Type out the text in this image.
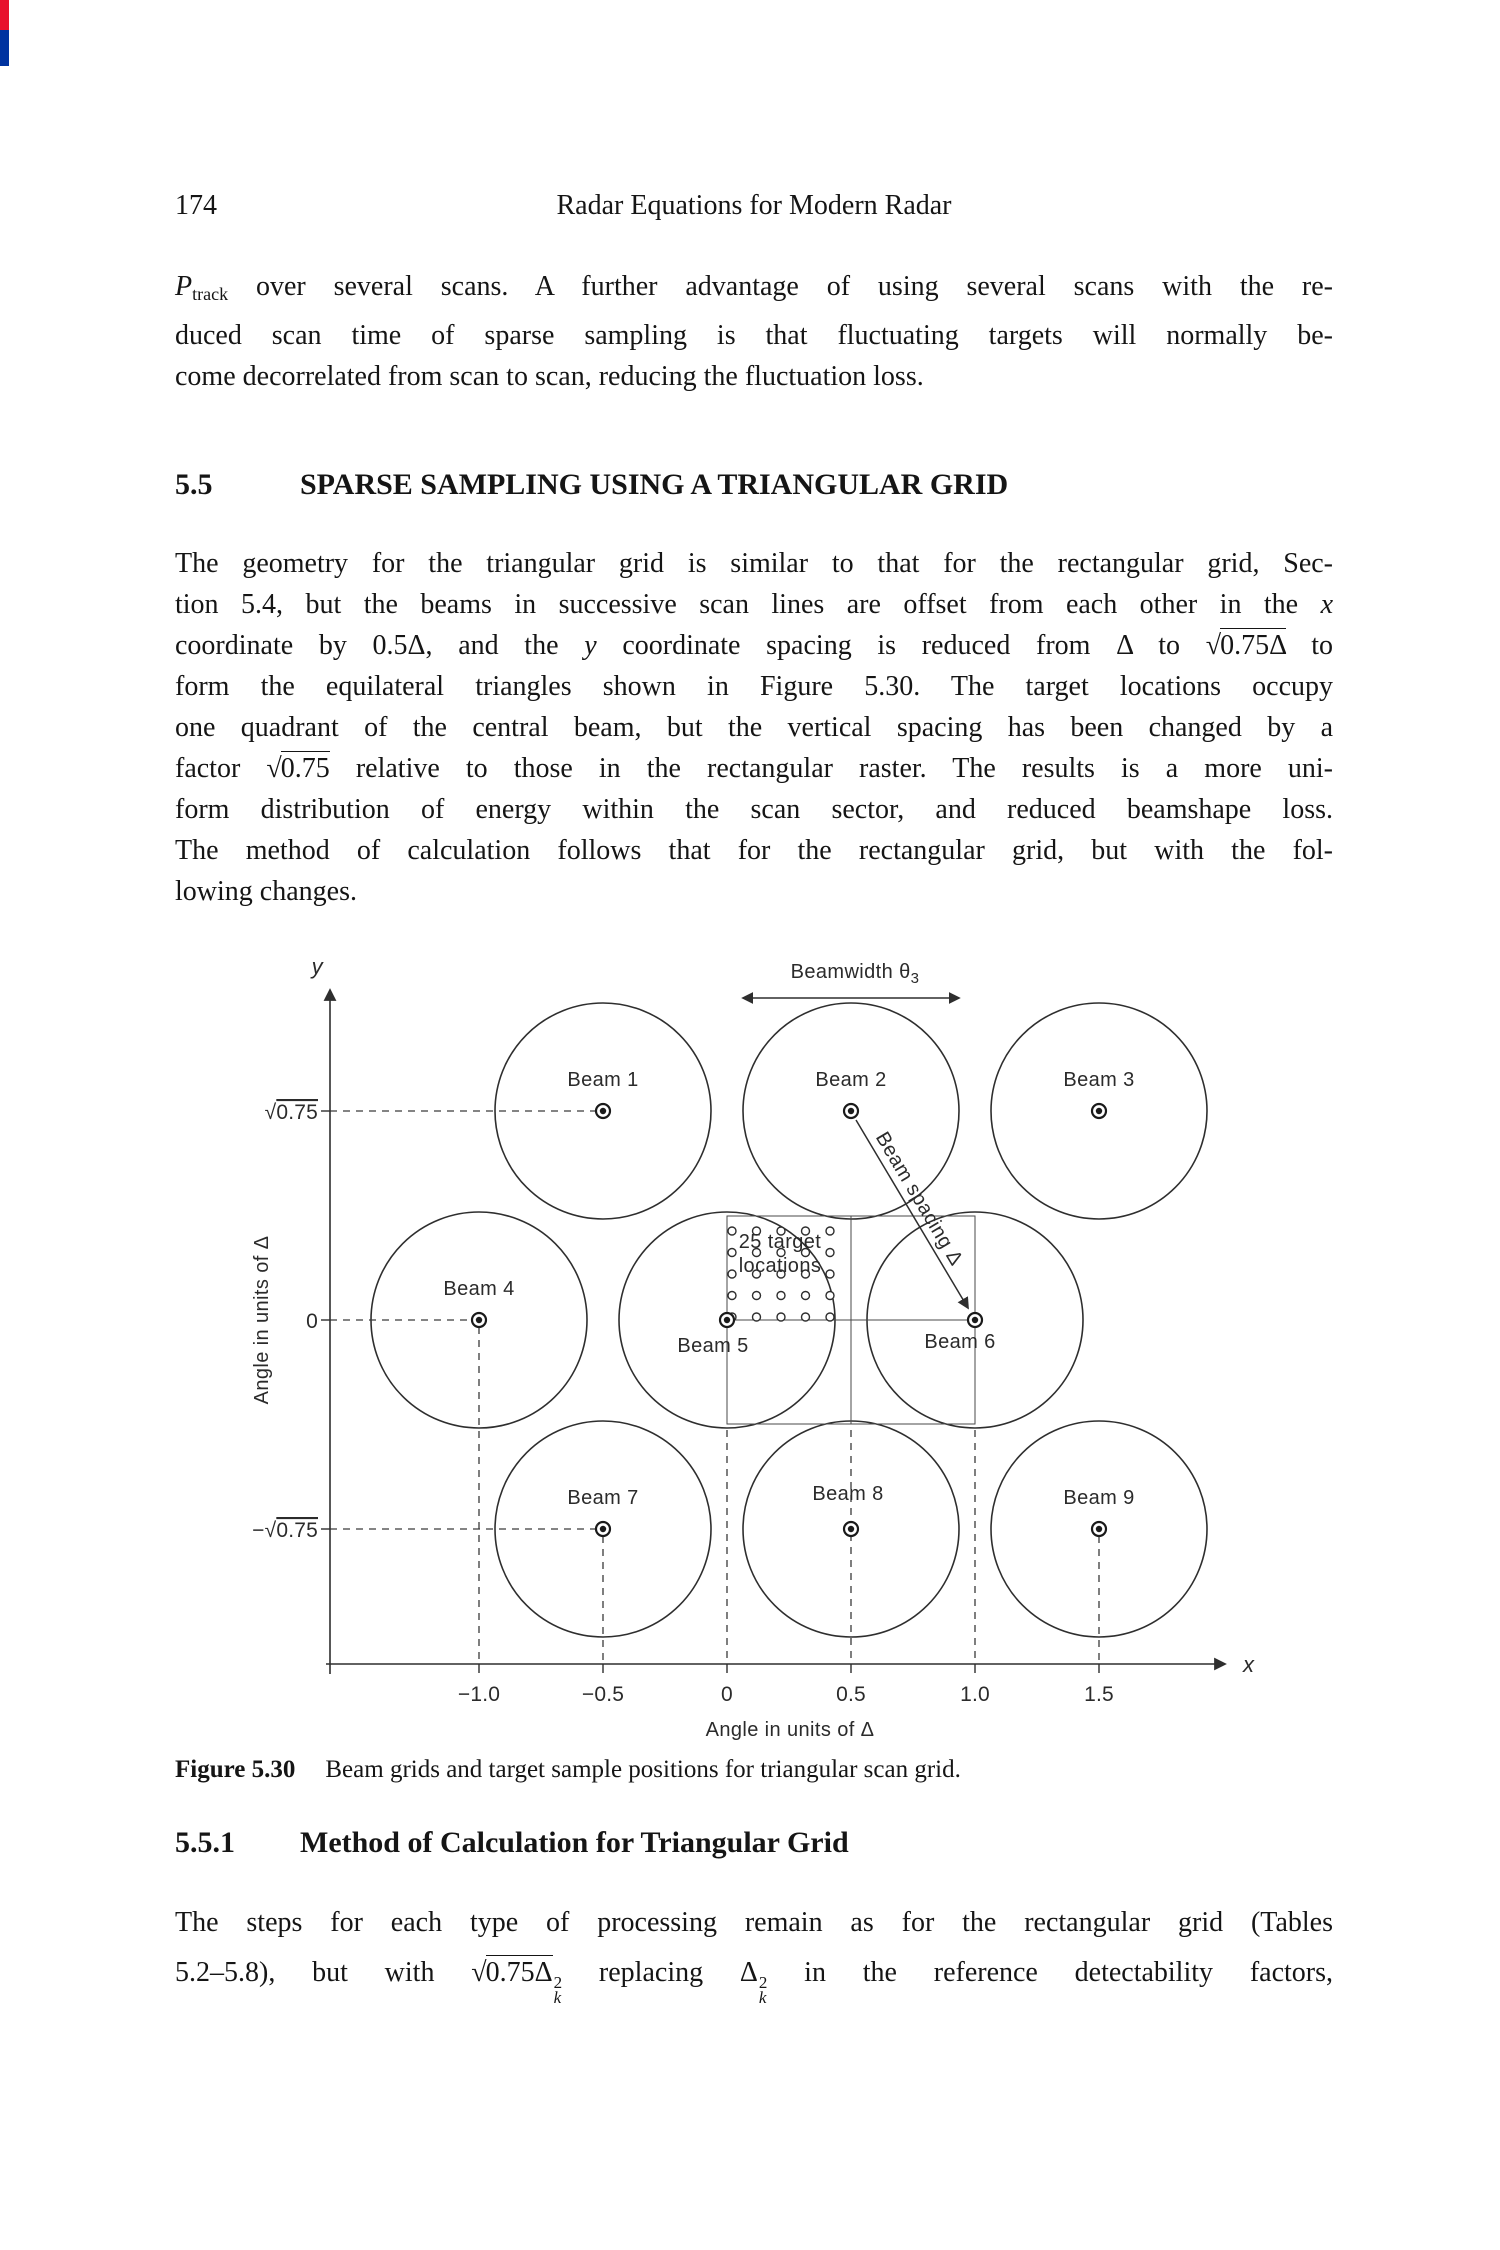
174	Radar Equations for Modern Radar
Ptrack over several scans. A further advantage of using several scans with the re-
duced scan time of sparse sampling is that fluctuating targets will normally be-
come decorrelated from scan to scan, reducing the fluctuation loss.
5.5	SPARSE SAMPLING USING A TRIANGULAR GRID
The geometry for the triangular grid is similar to that for the rectangular grid, Sec-
tion 5.4, but the beams in successive scan lines are offset from each other in the x
coordinate by 0.5Δ, and the y coordinate spacing is reduced from Δ to √0.75Δ to
form the equilateral triangles shown in Figure 5.30. The target locations occupy
one quadrant of the central beam, but the vertical spacing has been changed by a
factor √0.75 relative to those in the rectangular raster. The results is a more uni-
form distribution of energy within the scan sector, and reduced beamshape loss.
The method of calculation follows that for the rectangular grid, but with the fol-
lowing changes.
25 target
locations
y
x
√0.75
0
−√0.75
−1.0	−0.5	0	0.5	1.0	1.5
Angle in units of Δ
Angle in units of Δ
Beamwidth $\theta_3$
Beam spacing Δ
Beam 1	Beam 2	Beam 3
Beam 4
Beam 5	Beam 6
Beam 7	Beam 8	Beam 9
Figure 5.30 Beam grids and target sample positions for triangular scan grid.
5.5.1	Method of Calculation for Triangular Grid
The steps for each type of processing remain as for the rectangular grid (Tables
5.2–5.8), but with √0.75Δ 2
k
replacing Δ 2
k
in the reference detectability factors,
